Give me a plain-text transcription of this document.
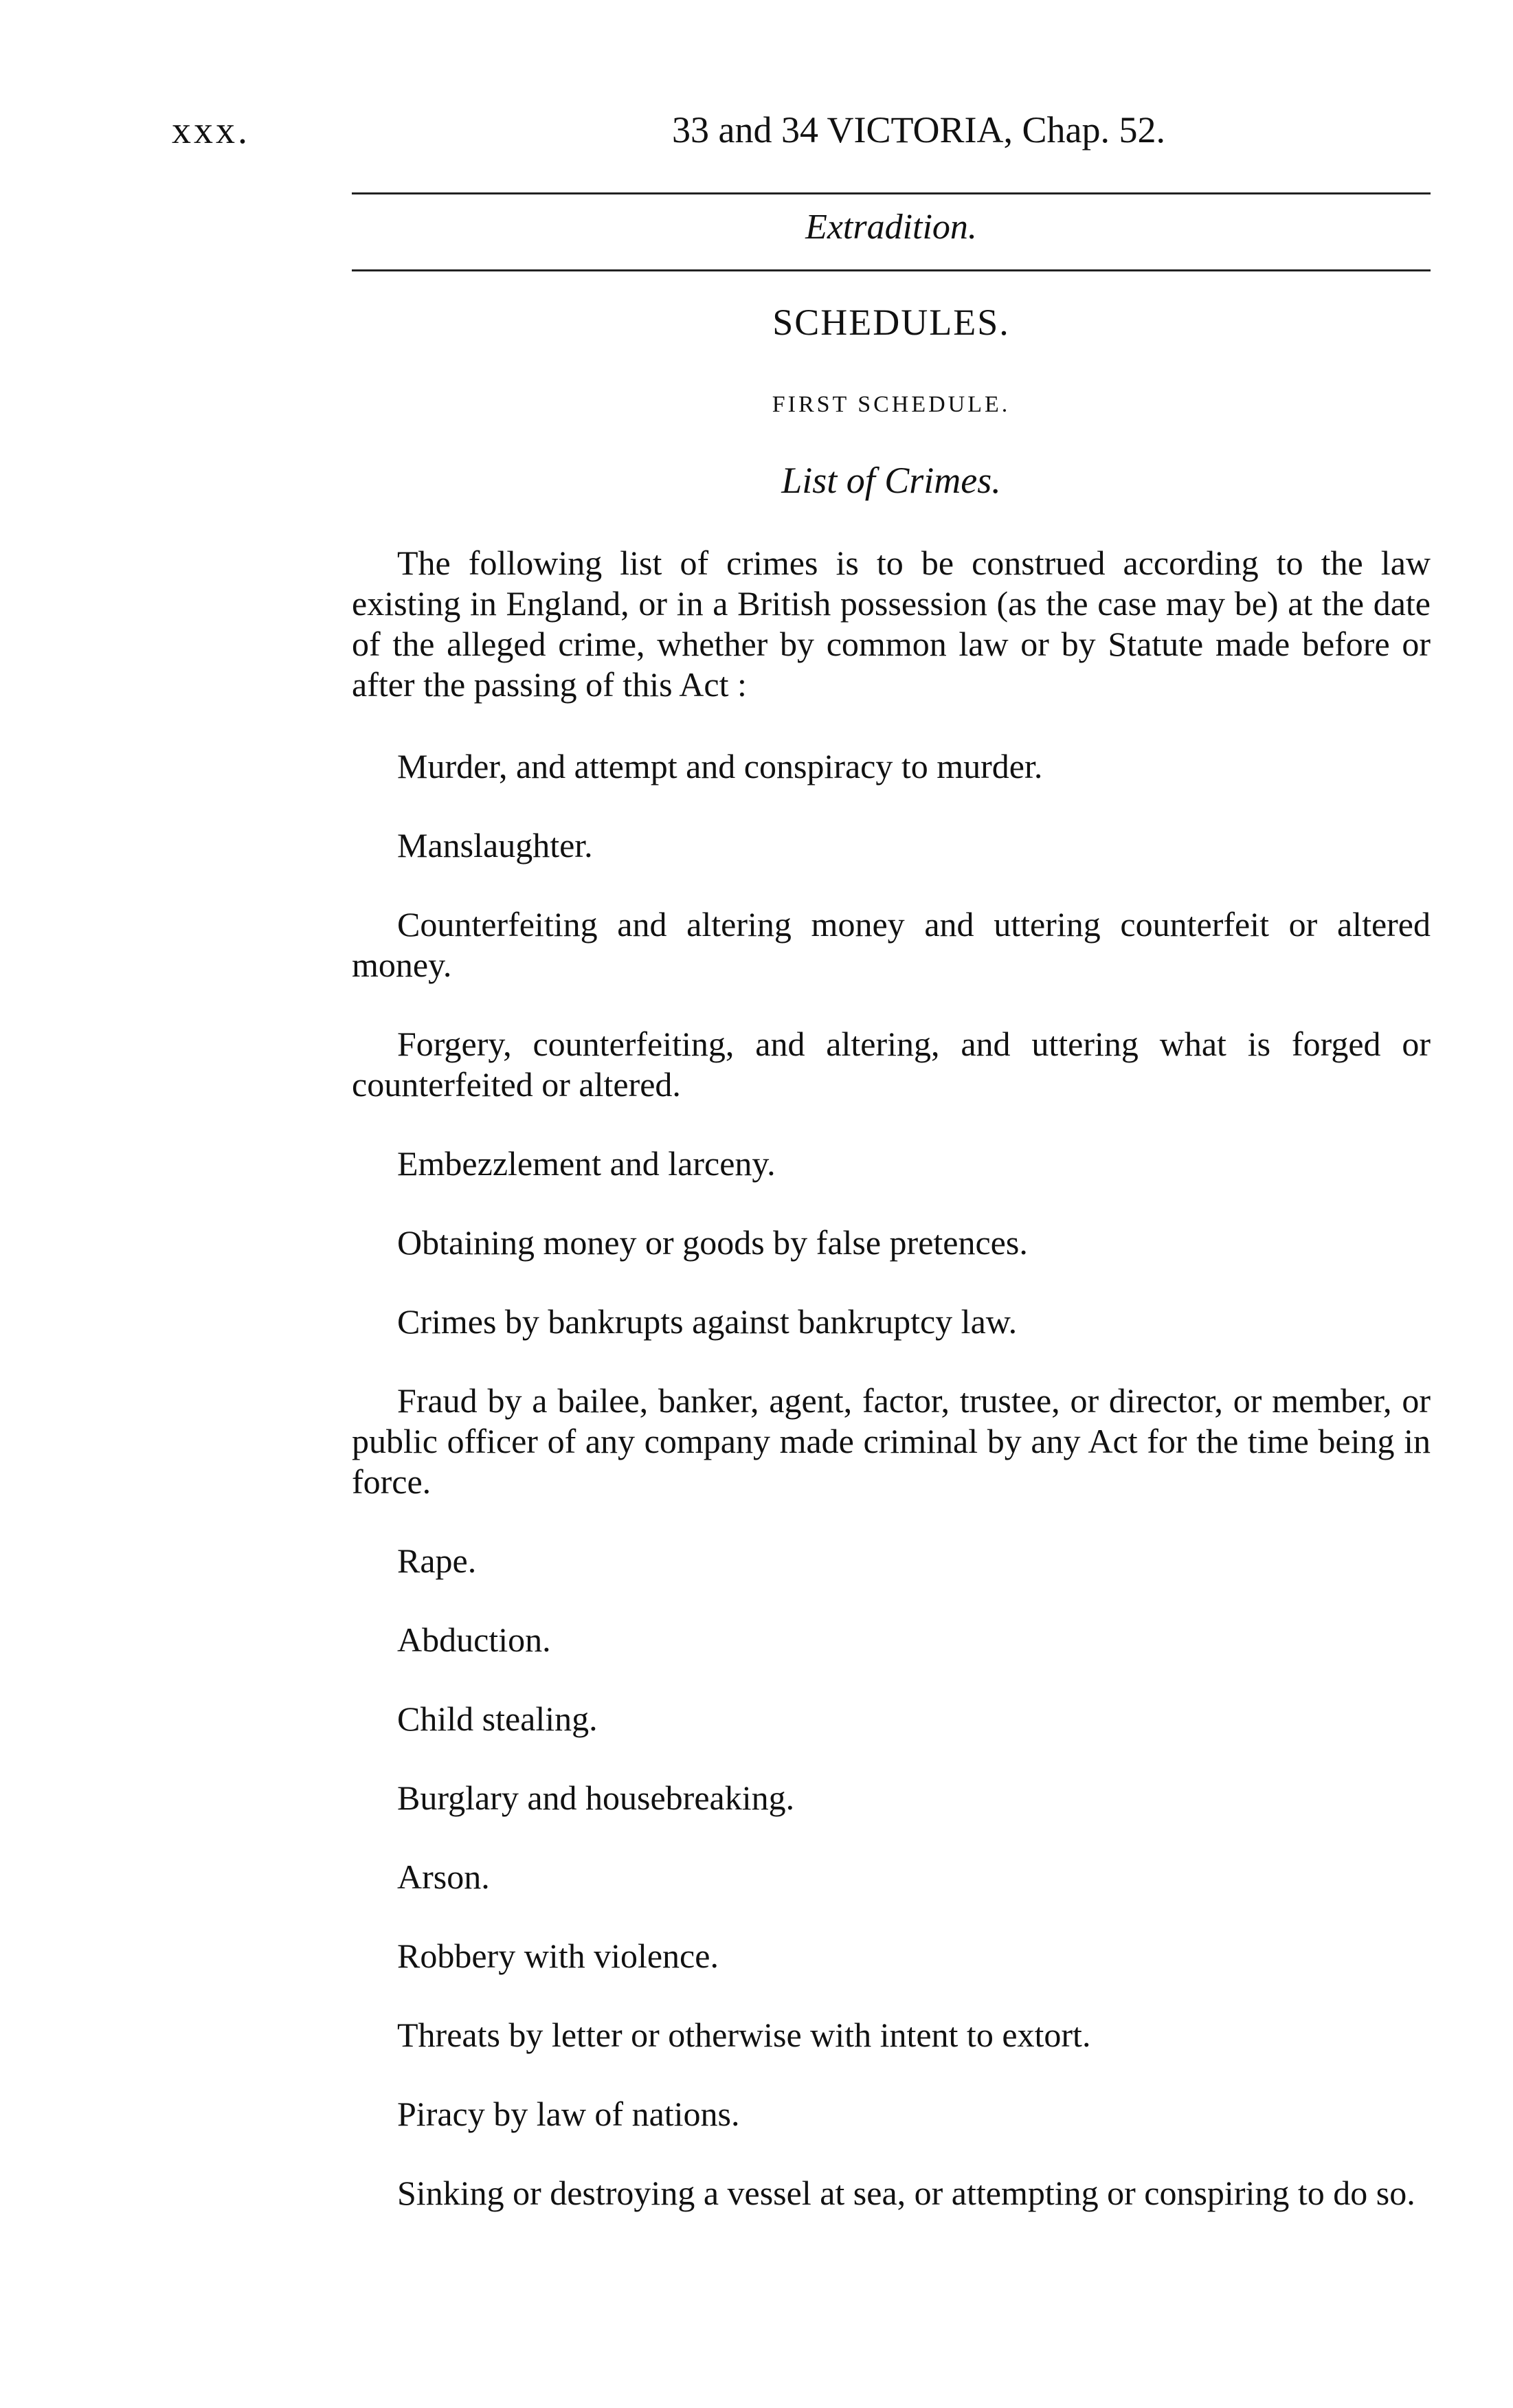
xxx.	33 and 34 VICTORIA, Chap. 52.
Extradition.
SCHEDULES.
FIRST SCHEDULE.
List of Crimes.

The following list of crimes is to be construed according to the law existing in England, or in a British possession (as the case may be) at the date of the alleged crime, whether by common law or by Statute made before or after the passing of this Act :

Murder, and attempt and conspiracy to murder.

Manslaughter.

Counterfeiting and altering money and uttering counterfeit or altered money.

Forgery, counterfeiting, and altering, and uttering what is forged or counterfeited or altered.

Embezzlement and larceny.

Obtaining money or goods by false pretences.

Crimes by bankrupts against bankruptcy law.

Fraud by a bailee, banker, agent, factor, trustee, or director, or member, or public officer of any company made criminal by any Act for the time being in force.

Rape.

Abduction.

Child stealing.

Burglary and housebreaking.

Arson.

Robbery with violence.

Threats by letter or otherwise with intent to extort.

Piracy by law of nations.

Sinking or destroying a vessel at sea, or attempting or conspiring to do so.
